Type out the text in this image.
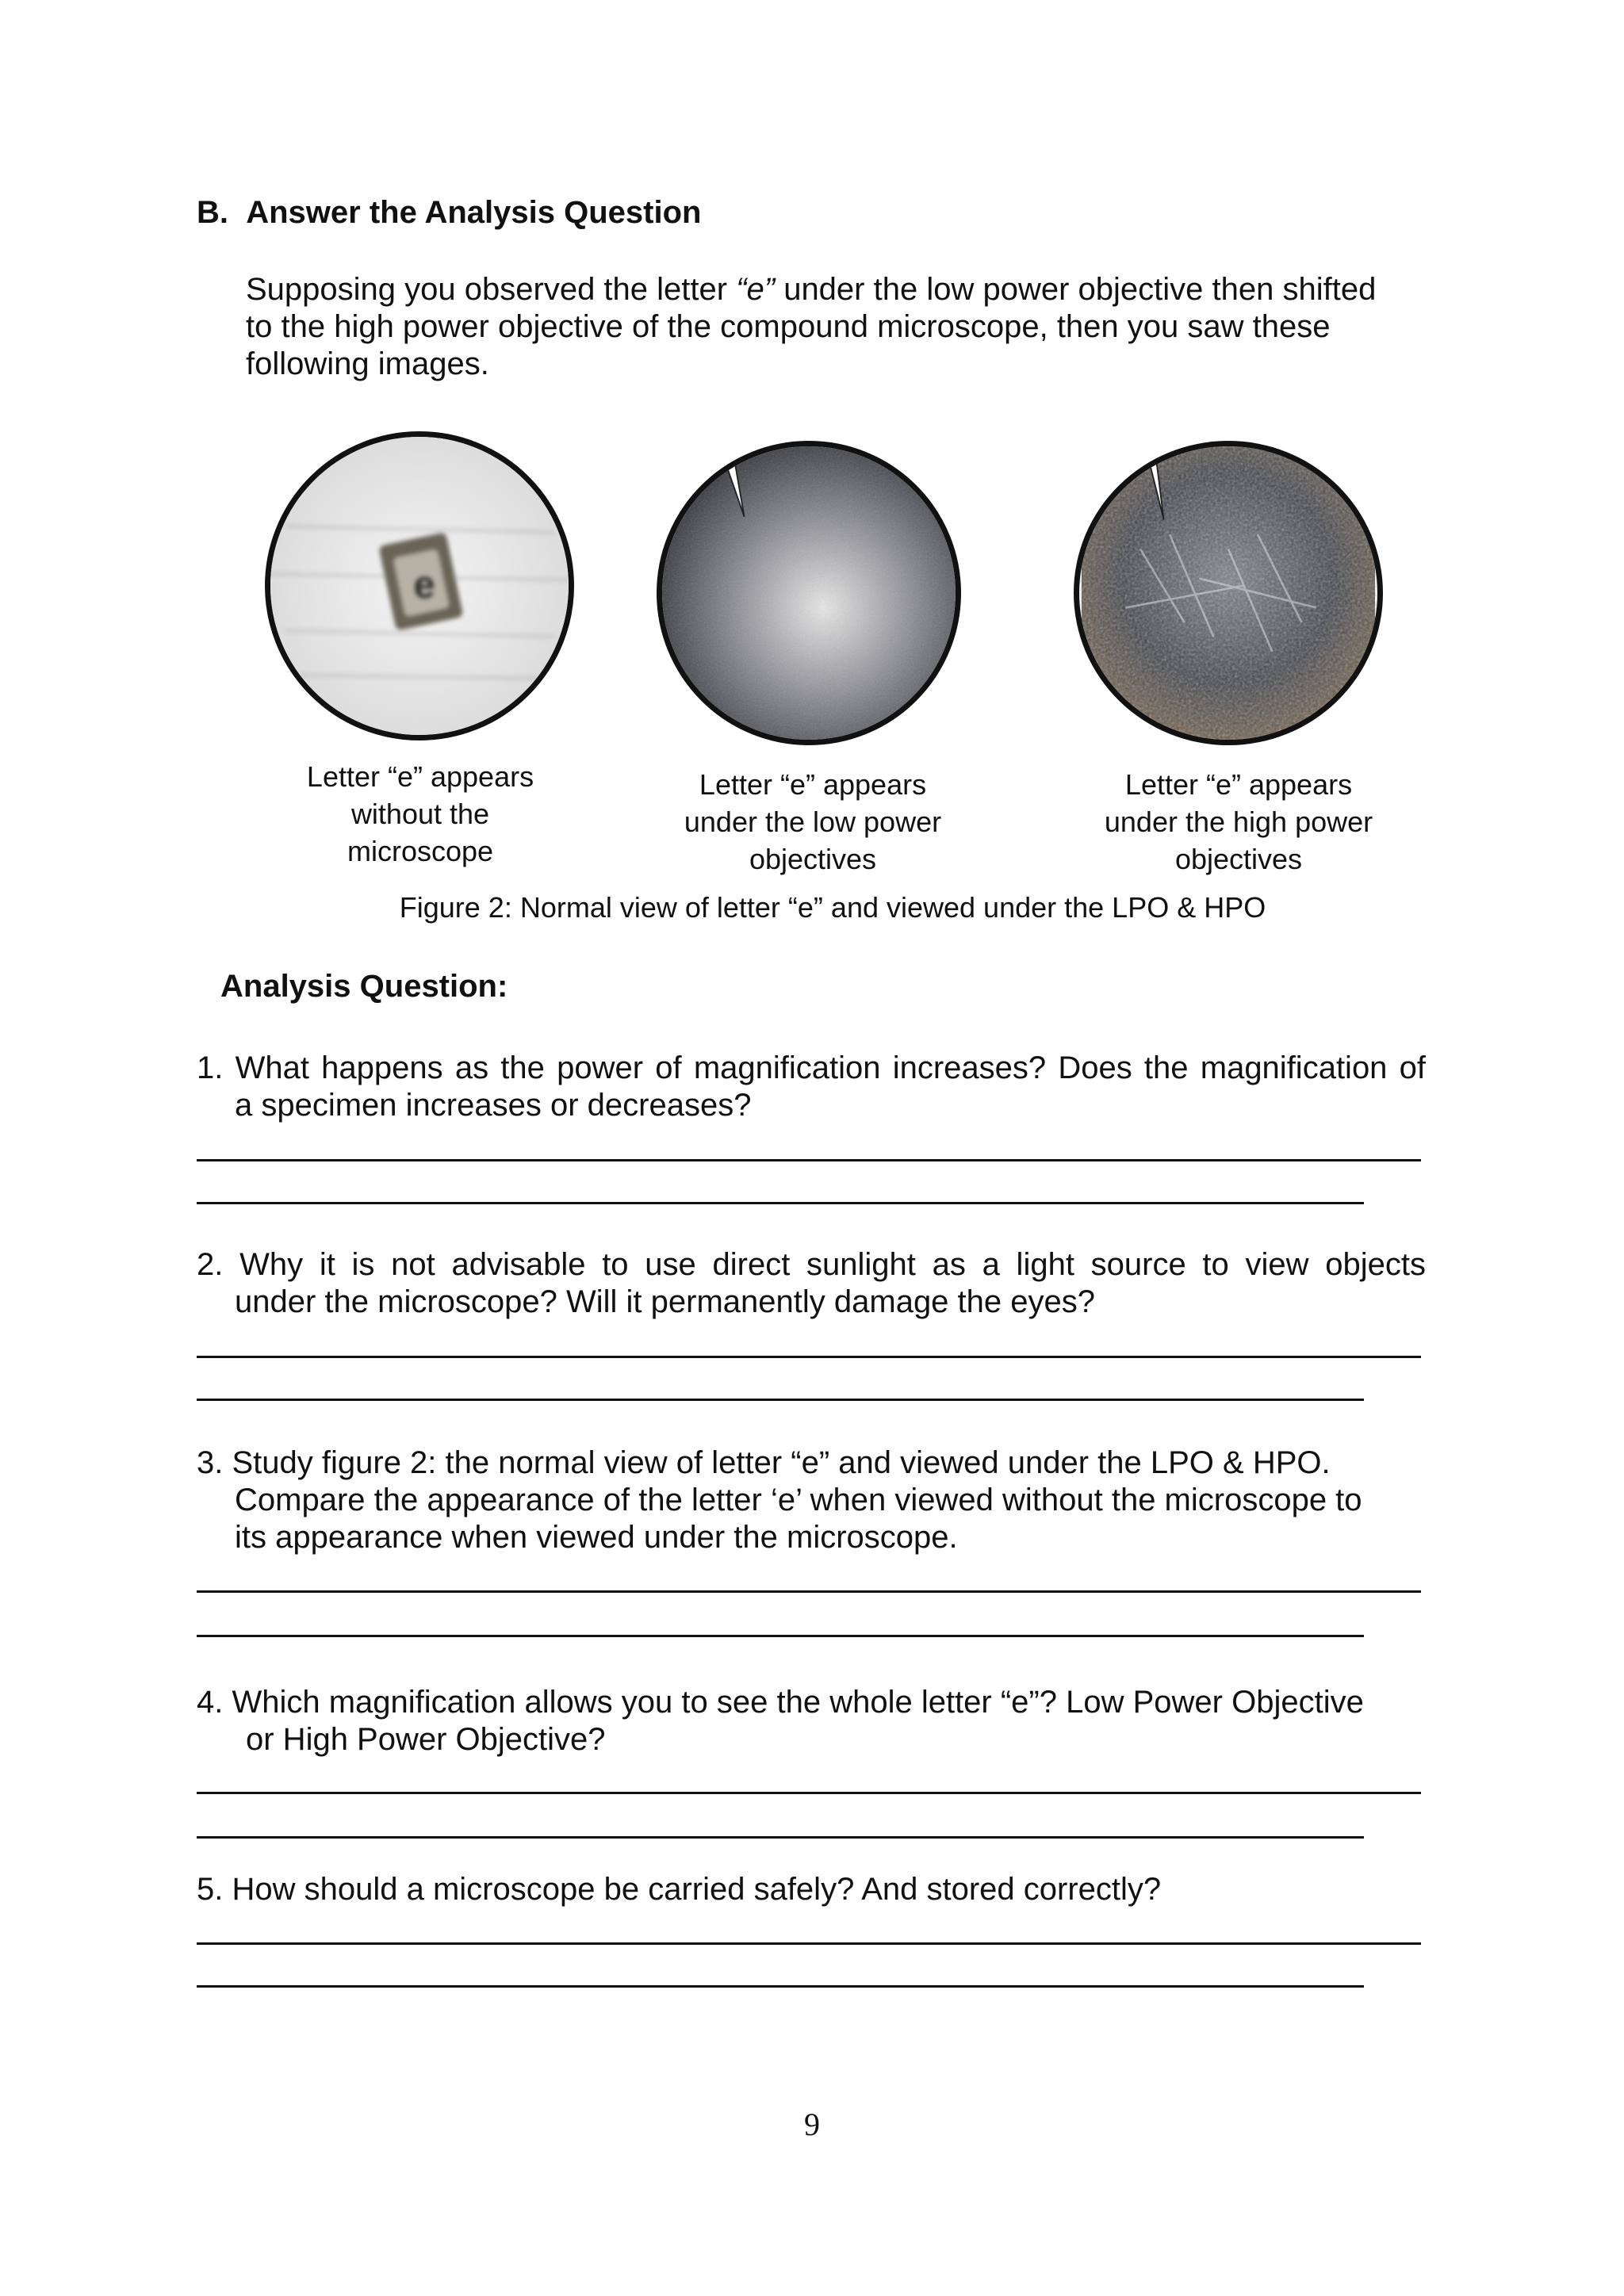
B. Answer the Analysis Question
Supposing you observed the letter “e” under the low power objective then shifted
to the high power objective of the compound microscope, then you saw these
following images.
e
Letter “e” appears
without the
microscope
Letter “e” appears
under the low power
objectives
Letter “e” appears
under the high power
objectives
Figure 2: Normal view of letter “e” and viewed under the LPO & HPO
Analysis Question:
1. What happens as the power of magnification increases? Does the magnification of
a specimen increases or decreases?
2. Why it is not advisable to use direct sunlight as a light source to view objects
under the microscope? Will it permanently damage the eyes?
3. Study figure 2: the normal view of letter “e” and viewed under the LPO & HPO.
Compare the appearance of the letter ‘e’ when viewed without the microscope to
its appearance when viewed under the microscope.
4. Which magnification allows you to see the whole letter “e”? Low Power Objective
or High Power Objective?
5. How should a microscope be carried safely? And stored correctly?
9
